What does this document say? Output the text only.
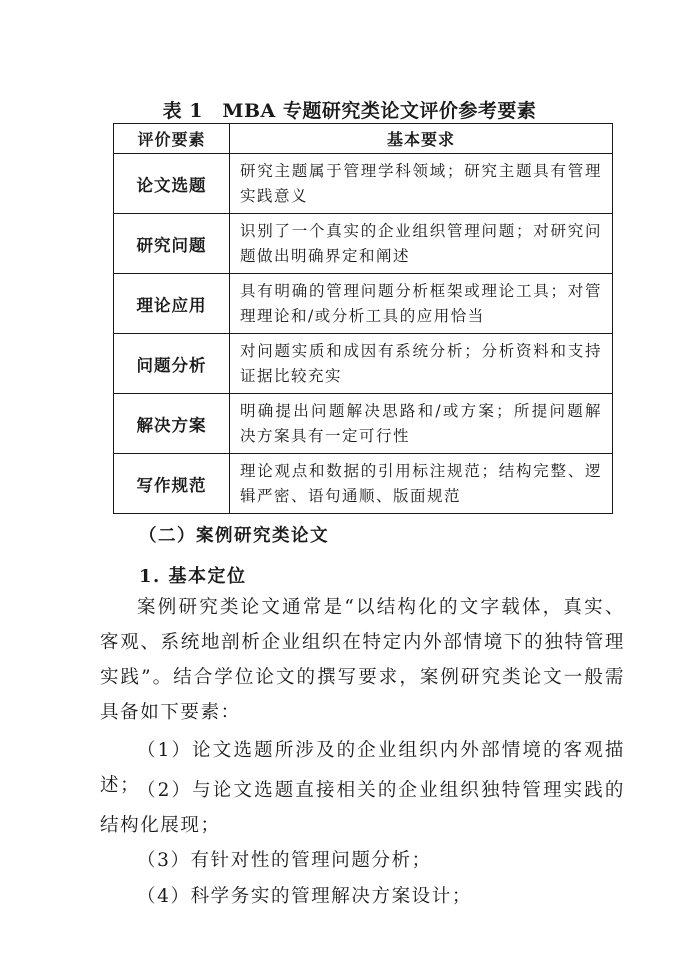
表 1　MBA 专题研究类论文评价参考要素
评价要素	基本要求
论文选题	研究主题属于管理学科领域；研究主题具有管理实践意义
研究问题	识别了一个真实的企业组织管理问题；对研究问题做出明确界定和阐述
理论应用	具有明确的管理问题分析框架或理论工具；对管理理论和/或分析工具的应用恰当
问题分析	对问题实质和成因有系统分析；分析资料和支持证据比较充实
解决方案	明确提出问题解决思路和/或方案；所提问题解决方案具有一定可行性
写作规范	理论观点和数据的引用标注规范；结构完整、逻辑严密、语句通顺、版面规范
（二）案例研究类论文
1. 基本定位
案例研究类论文通常是“以结构化的文字载体，真实、客观、系统地剖析企业组织在特定内外部情境下的独特管理实践”。结合学位论文的撰写要求，案例研究类论文一般需具备如下要素：
（1）论文选题所涉及的企业组织内外部情境的客观描述；
（2）与论文选题直接相关的企业组织独特管理实践的结构化展现；
（3）有针对性的管理问题分析；
（4）科学务实的管理解决方案设计；
